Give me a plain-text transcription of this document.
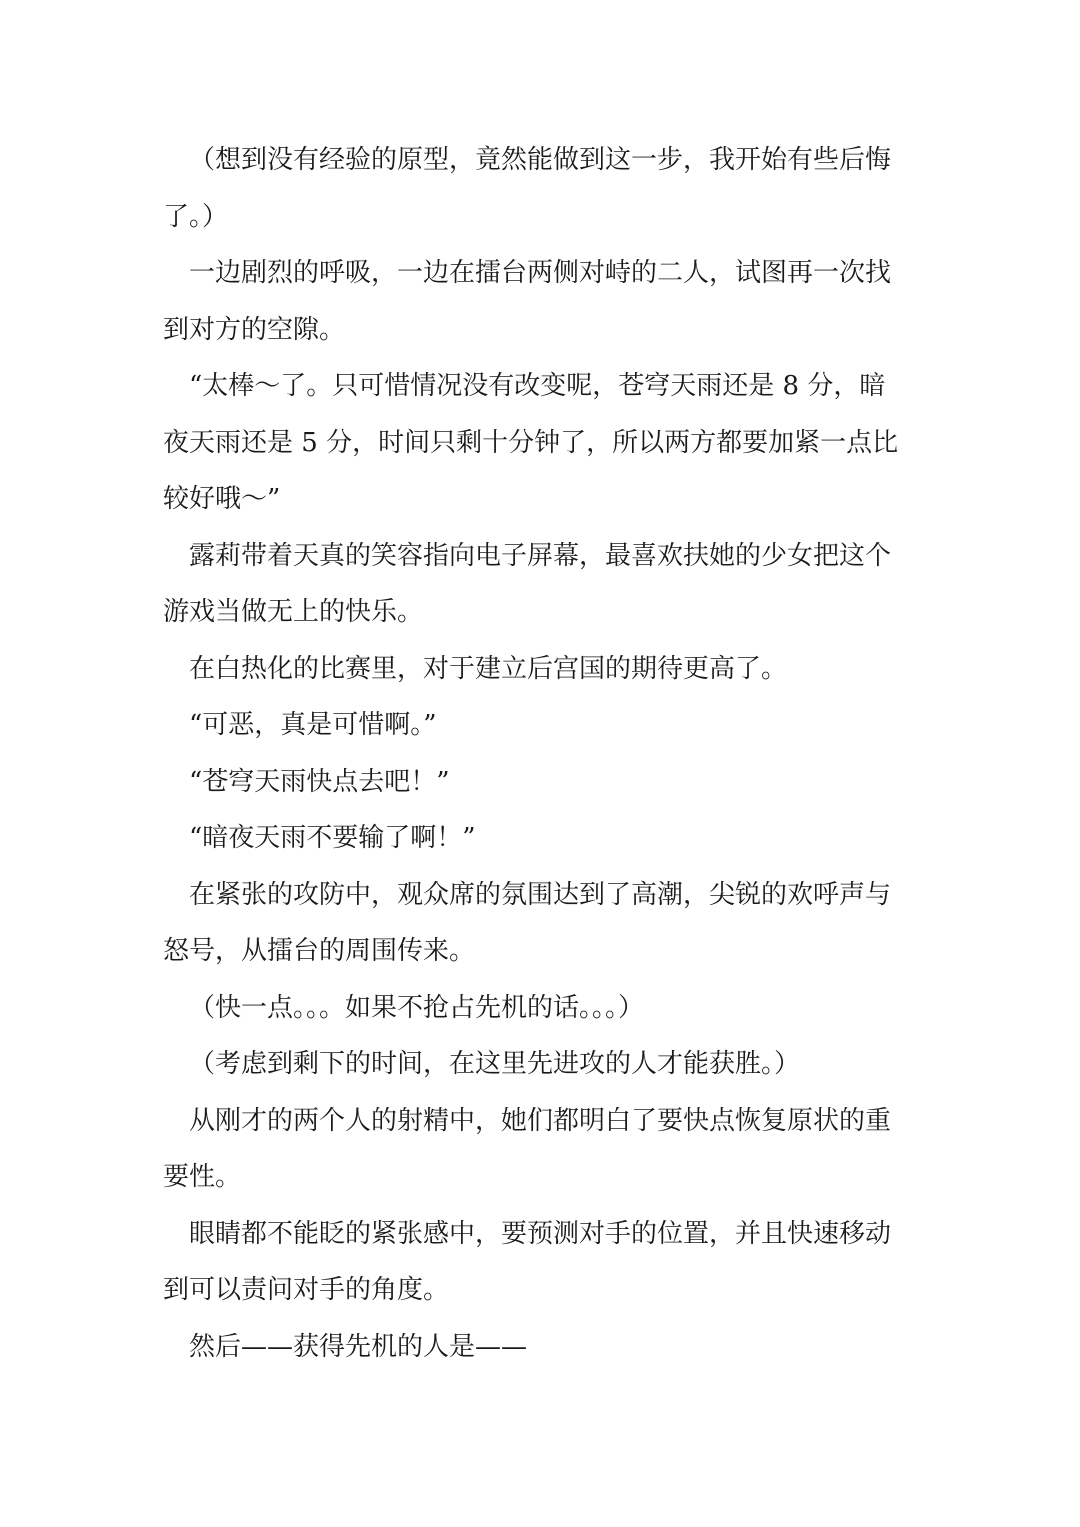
（想到没有经验的原型，竟然能做到这一步，我开始有些后悔了。）

一边剧烈的呼吸，一边在擂台两侧对峙的二人，试图再一次找到对方的空隙。

“太棒～了。只可惜情况没有改变呢，苍穹天雨还是 8 分，暗夜天雨还是 5 分，时间只剩十分钟了，所以两方都要加紧一点比较好哦～”

露莉带着天真的笑容指向电子屏幕，最喜欢扶她的少女把这个游戏当做无上的快乐。

在白热化的比赛里，对于建立后宫国的期待更高了。

“可恶，真是可惜啊。”

“苍穹天雨快点去吧！”

“暗夜天雨不要输了啊！”

在紧张的攻防中，观众席的氛围达到了高潮，尖锐的欢呼声与怒号，从擂台的周围传来。

（快一点。。。如果不抢占先机的话。。。）

（考虑到剩下的时间，在这里先进攻的人才能获胜。）

从刚才的两个人的射精中，她们都明白了要快点恢复原状的重要性。

眼睛都不能眨的紧张感中，要预测对手的位置，并且快速移动到可以责问对手的角度。

然后——获得先机的人是——
